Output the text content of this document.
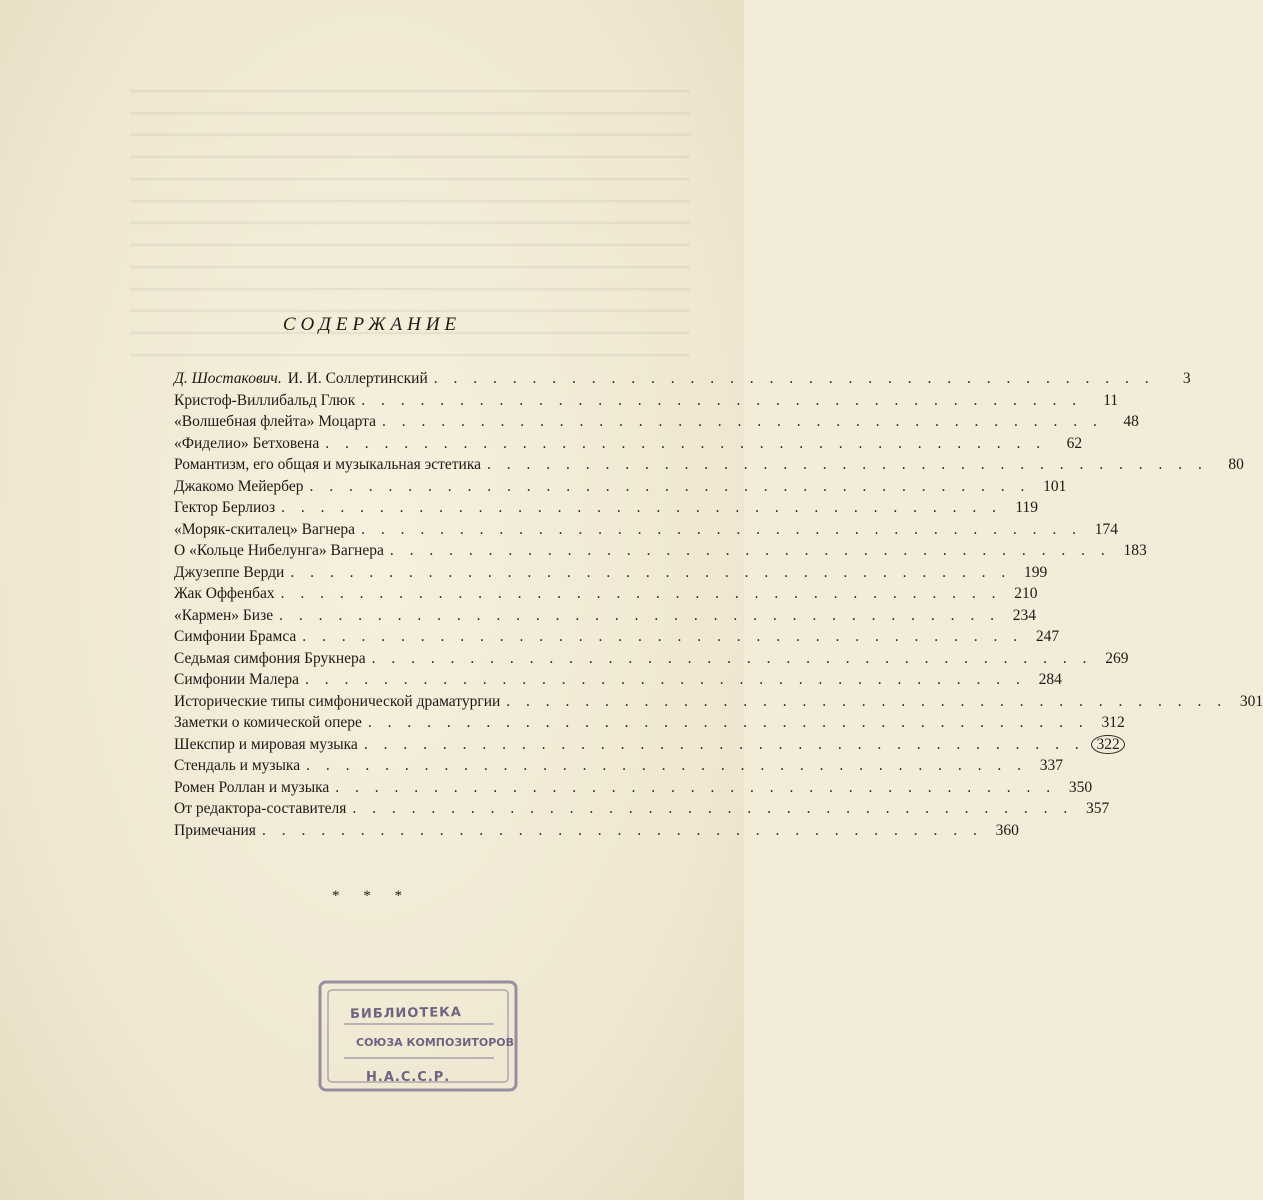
СОДЕРЖАНИЕ
Д. Шостакович. И. И. Соллертинский . . . . . . . . . . . . . . . . . . . . . . . . . . . . . . . . . . . . .	3
Кристоф-Виллибальд Глюк . . . . . . . . . . . . . . . . . . . . . . . . . . . . . . . . . . . . .	11
«Волшебная флейта» Моцарта . . . . . . . . . . . . . . . . . . . . . . . . . . . . . . . . . . . . .	48
«Фиделио» Бетховена . . . . . . . . . . . . . . . . . . . . . . . . . . . . . . . . . . . . .	62
Романтизм, его общая и музыкальная эстетика . . . . . . . . . . . . . . . . . . . . . . . . . . . . . . . . . . . . .	80
Джакомо Мейербер . . . . . . . . . . . . . . . . . . . . . . . . . . . . . . . . . . . . . 101
Гектор Берлиоз . . . . . . . . . . . . . . . . . . . . . . . . . . . . . . . . . . . . . 119
«Моряк-скиталец» Вагнера . . . . . . . . . . . . . . . . . . . . . . . . . . . . . . . . . . . . . 174
О «Кольце Нибелунга» Вагнера . . . . . . . . . . . . . . . . . . . . . . . . . . . . . . . . . . . . . 183
Джузеппе Верди . . . . . . . . . . . . . . . . . . . . . . . . . . . . . . . . . . . . . 199
Жак Оффенбах . . . . . . . . . . . . . . . . . . . . . . . . . . . . . . . . . . . . . 210
«Кармен» Бизе . . . . . . . . . . . . . . . . . . . . . . . . . . . . . . . . . . . . . 234
Симфонии Брамса . . . . . . . . . . . . . . . . . . . . . . . . . . . . . . . . . . . . . 247
Седьмая симфония Брукнера . . . . . . . . . . . . . . . . . . . . . . . . . . . . . . . . . . . . . 269
Симфонии Малера . . . . . . . . . . . . . . . . . . . . . . . . . . . . . . . . . . . . . 284
Исторические типы симфонической драматургии . . . . . . . . . . . . . . . . . . . . . . . . . . . . . . . . . . . . . 301
Заметки о комической опере . . . . . . . . . . . . . . . . . . . . . . . . . . . . . . . . . . . . . 312
Шекспир и мировая музыка . . . . . . . . . . . . . . . . . . . . . . . . . . . . . . . . . . . . . 322
Стендаль и музыка . . . . . . . . . . . . . . . . . . . . . . . . . . . . . . . . . . . . . 337
Ромен Роллан и музыка . . . . . . . . . . . . . . . . . . . . . . . . . . . . . . . . . . . . . 350
От редактора-составителя . . . . . . . . . . . . . . . . . . . . . . . . . . . . . . . . . . . . . 357
Примечания . . . . . . . . . . . . . . . . . . . . . . . . . . . . . . . . . . . . . 360
* * *
БИБЛИОТЕКА
СОЮЗА КОМПОЗИТОРОВ
Н.А.С.С.Р.
